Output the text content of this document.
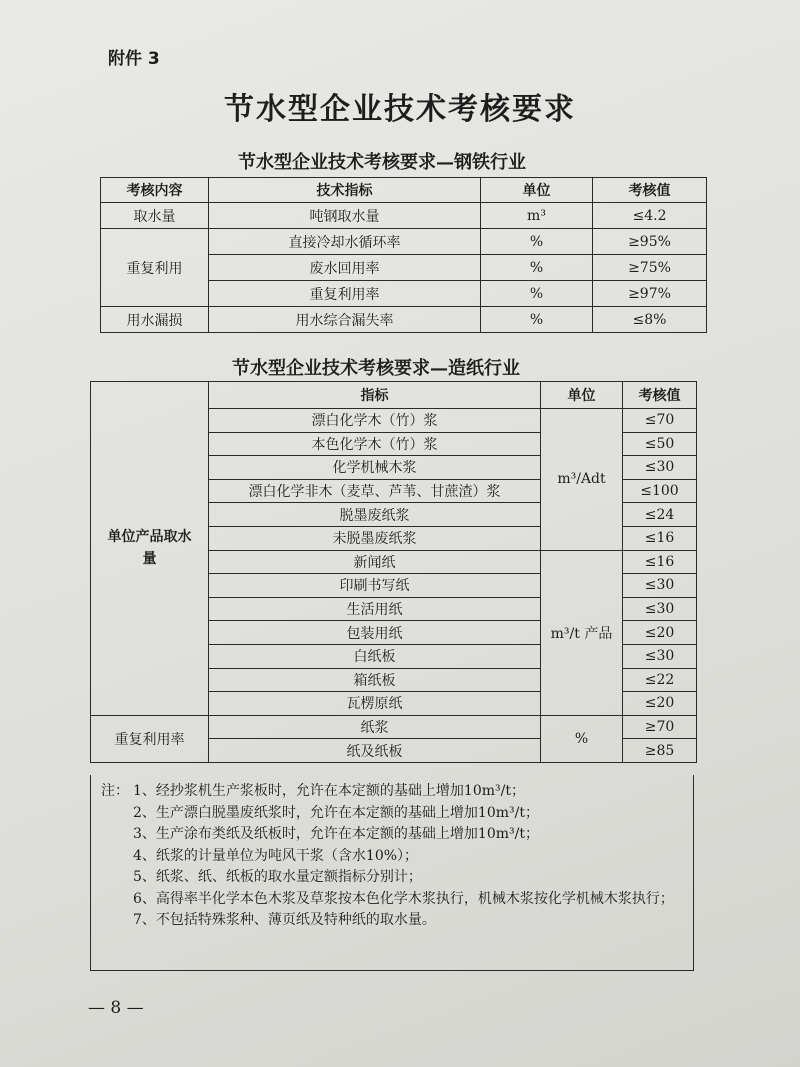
附件 3
节水型企业技术考核要求
节水型企业技术考核要求—钢铁行业
考核内容	技术指标	单位	考核值
取水量	吨钢取水量	m³	≤4.2
重复利用	直接冷却水循环率	%	≥95%
	废水回用率	%	≥75%
	重复利用率	%	≥97%
用水漏损	用水综合漏失率	%	≤8%
节水型企业技术考核要求—造纸行业
单位产品取水量	指标	单位	考核值
	漂白化学木（竹）浆	m³/Adt	≤70
	本色化学木（竹）浆		≤50
	化学机械木浆		≤30
	漂白化学非木（麦草、芦苇、甘蔗渣）浆		≤100
	脱墨废纸浆		≤24
	未脱墨废纸浆		≤16
	新闻纸	m³/t 产品	≤16
	印刷书写纸		≤30
	生活用纸		≤30
	包装用纸		≤20
	白纸板		≤30
	箱纸板		≤22
	瓦楞原纸		≤20
重复利用率	纸浆	%	≥70
	纸及纸板		≥85
注： 1、经抄浆机生产浆板时，允许在本定额的基础上增加10m³/t；
2、生产漂白脱墨废纸浆时，允许在本定额的基础上增加10m³/t；
3、生产涂布类纸及纸板时，允许在本定额的基础上增加10m³/t；
4、纸浆的计量单位为吨风干浆（含水10%）；
5、纸浆、纸、纸板的取水量定额指标分别计；
6、高得率半化学本色木浆及草浆按本色化学木浆执行，机械木浆按化学机械木浆执行；
7、不包括特殊浆种、薄页纸及特种纸的取水量。
— 8 —
